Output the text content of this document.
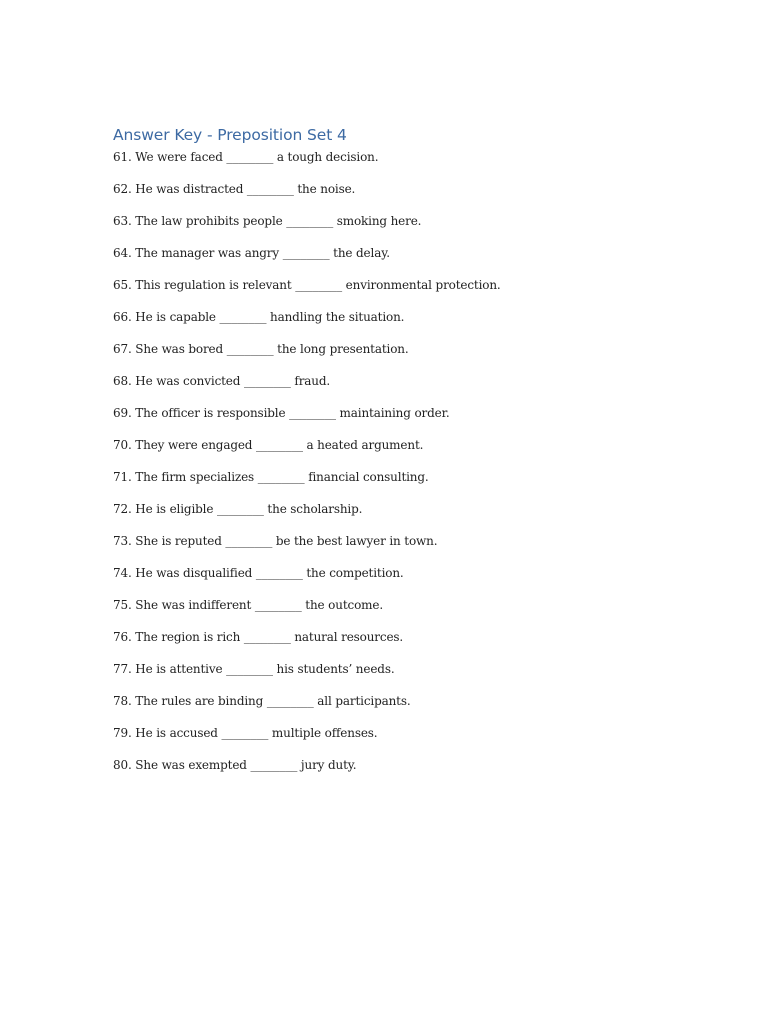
Answer Key - Preposition Set 4
61. We were faced ________ a tough decision.
62. He was distracted ________ the noise.
63. The law prohibits people ________ smoking here.
64. The manager was angry ________ the delay.
65. This regulation is relevant ________ environmental protection.
66. He is capable ________ handling the situation.
67. She was bored ________ the long presentation.
68. He was convicted ________ fraud.
69. The officer is responsible ________ maintaining order.
70. They were engaged ________ a heated argument.
71. The firm specializes ________ financial consulting.
72. He is eligible ________ the scholarship.
73. She is reputed ________ be the best lawyer in town.
74. He was disqualified ________ the competition.
75. She was indifferent ________ the outcome.
76. The region is rich ________ natural resources.
77. He is attentive ________ his students’ needs.
78. The rules are binding ________ all participants.
79. He is accused ________ multiple offenses.
80. She was exempted ________ jury duty.
